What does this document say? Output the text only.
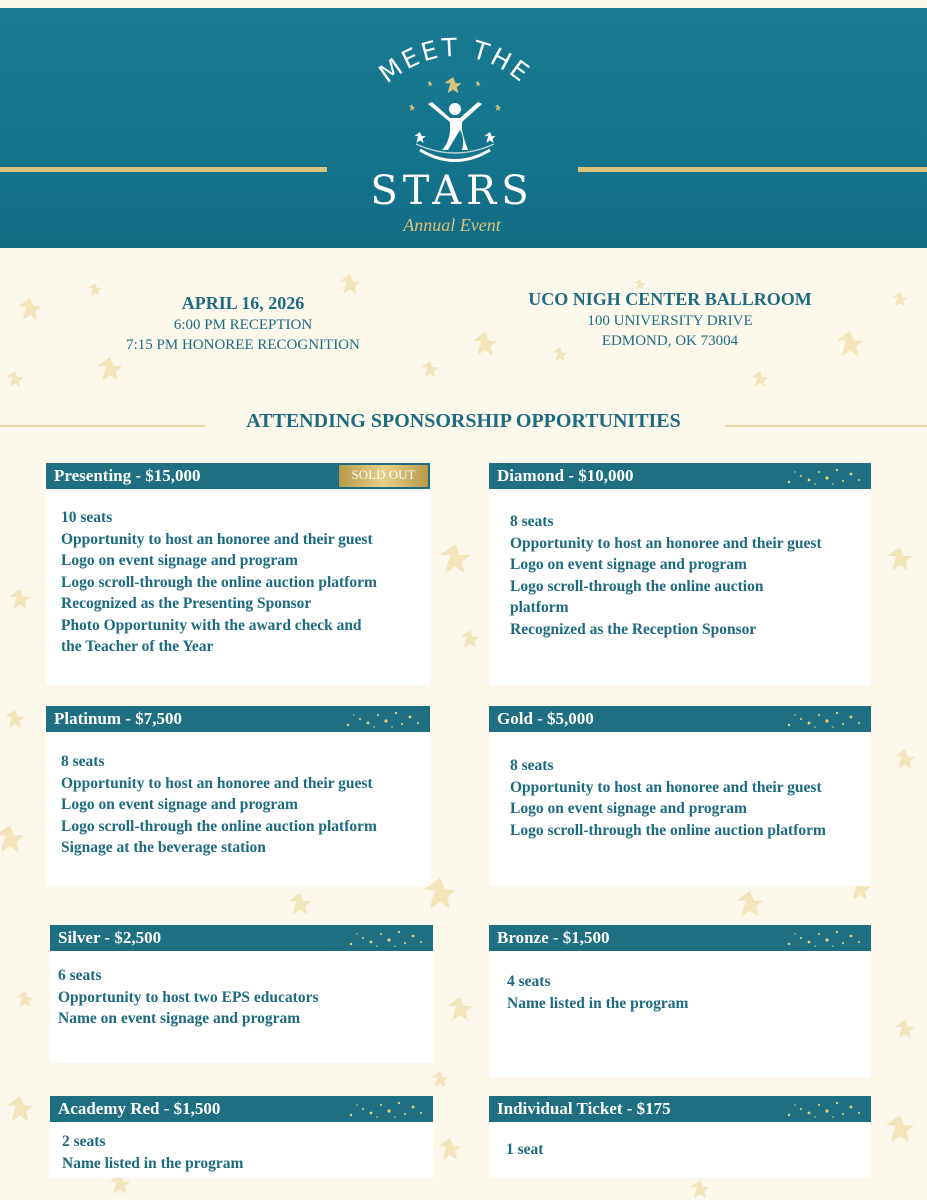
MEET THE
STARS
Annual Event
APRIL 16, 2026
6:00 PM RECEPTION
7:15 PM HONOREE RECOGNITION
UCO NIGH CENTER BALLROOM
100 UNIVERSITY DRIVE
EDMOND, OK 73004
ATTENDING SPONSORSHIP OPPORTUNITIES
Presenting - $15,000	SOLD OUT
10 seats
Opportunity to host an honoree and their guest
Logo on event signage and program
Logo scroll-through the online auction platform
Recognized as the Presenting Sponsor
Photo Opportunity with the award check and
the Teacher of the Year
Diamond - $10,000
8 seats
Opportunity to host an honoree and their guest
Logo on event signage and program
Logo scroll-through the online auction
platform
Recognized as the Reception Sponsor
Platinum - $7,500
8 seats
Opportunity to host an honoree and their guest
Logo on event signage and program
Logo scroll-through the online auction platform
Signage at the beverage station
Gold - $5,000
8 seats
Opportunity to host an honoree and their guest
Logo on event signage and program
Logo scroll-through the online auction platform
Silver - $2,500
6 seats
Opportunity to host two EPS educators
Name on event signage and program
Bronze - $1,500
4 seats
Name listed in the program
Academy Red - $1,500
2 seats
Name listed in the program
Individual Ticket - $175
1 seat
